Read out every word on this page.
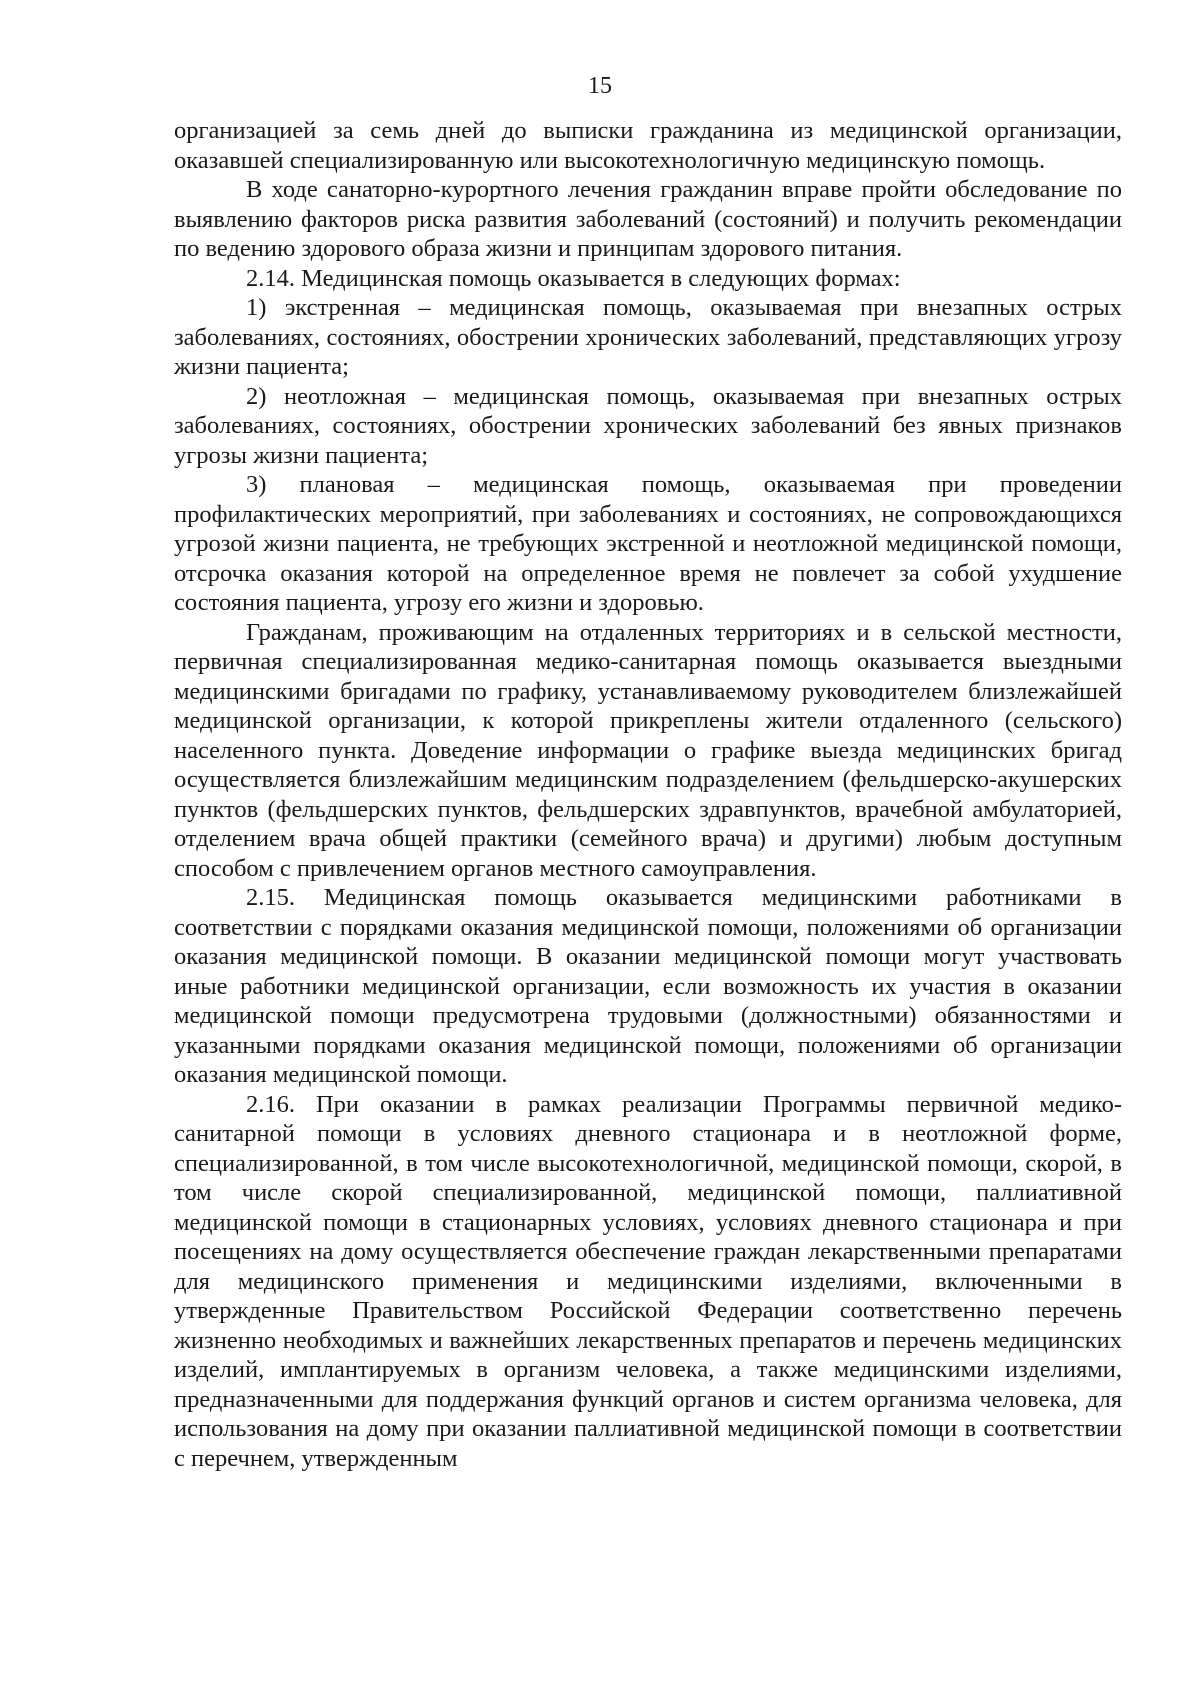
15

организацией за семь дней до выписки гражданина из медицинской организации, оказавшей специализированную или высокотехнологичную медицинскую помощь.

В ходе санаторно-курортного лечения гражданин вправе пройти обследование по выявлению факторов риска развития заболеваний (состояний) и получить рекомендации по ведению здорового образа жизни и принципам здорового питания.

2.14. Медицинская помощь оказывается в следующих формах:

1) экстренная – медицинская помощь, оказываемая при внезапных острых заболеваниях, состояниях, обострении хронических заболеваний, представляющих угрозу жизни пациента;

2) неотложная – медицинская помощь, оказываемая при внезапных острых заболеваниях, состояниях, обострении хронических заболеваний без явных признаков угрозы жизни пациента;

3) плановая – медицинская помощь, оказываемая при проведении профилактических мероприятий, при заболеваниях и состояниях, не сопровождающихся угрозой жизни пациента, не требующих экстренной и неотложной медицинской помощи, отсрочка оказания которой на определенное время не повлечет за собой ухудшение состояния пациента, угрозу его жизни и здоровью.

Гражданам, проживающим на отдаленных территориях и в сельской местности, первичная специализированная медико-санитарная помощь оказывается выездными медицинскими бригадами по графику, устанавливаемому руководителем близлежайшей медицинской организации, к которой прикреплены жители отдаленного (сельского) населенного пункта. Доведение информации о графике выезда медицинских бригад осуществляется близлежайшим медицинским подразделением (фельдшерско-акушерских пунктов (фельдшерских пунктов, фельдшерских здравпунктов, врачебной амбулаторией, отделением врача общей практики (семейного врача) и другими) любым доступным способом с привлечением органов местного самоуправления.

2.15. Медицинская помощь оказывается медицинскими работниками в соответствии с порядками оказания медицинской помощи, положениями об организации оказания медицинской помощи. В оказании медицинской помощи могут участвовать иные работники медицинской организации, если возможность их участия в оказании медицинской помощи предусмотрена трудовыми (должностными) обязанностями и указанными порядками оказания медицинской помощи, положениями об организации оказания медицинской помощи.

2.16. При оказании в рамках реализации Программы первичной медико-санитарной помощи в условиях дневного стационара и в неотложной форме, специализированной, в том числе высокотехнологичной, медицинской помощи, скорой, в том числе скорой специализированной, медицинской помощи, паллиативной медицинской помощи в стационарных условиях, условиях дневного стационара и при посещениях на дому осуществляется обеспечение граждан лекарственными препаратами для медицинского применения и медицинскими изделиями, включенными в утвержденные Правительством Российской Федерации соответственно перечень жизненно необходимых и важнейших лекарственных препаратов и перечень медицинских изделий, имплантируемых в организм человека, а также медицинскими изделиями, предназначенными для поддержания функций органов и систем организма человека, для использования на дому при оказании паллиативной медицинской помощи в соответствии с перечнем, утвержденным
